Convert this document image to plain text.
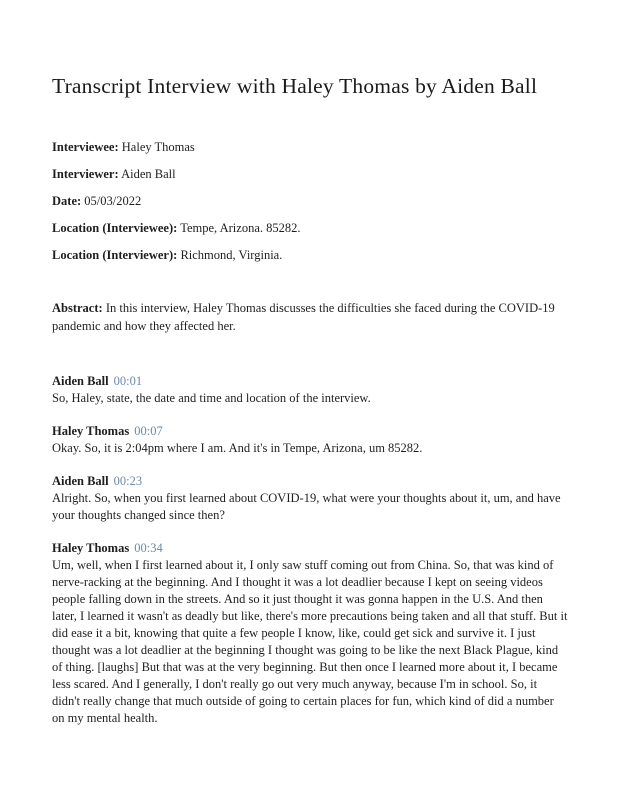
Transcript Interview with Haley Thomas by Aiden Ball

Interviewee: Haley Thomas

Interviewer: Aiden Ball

Date: 05/03/2022

Location (Interviewee): Tempe, Arizona. 85282.

Location (Interviewer): Richmond, Virginia.

Abstract: In this interview, Haley Thomas discusses the difficulties she faced during the COVID-19 pandemic and how they affected her.

Aiden Ball 00:01

So, Haley, state, the date and time and location of the interview.

Haley Thomas 00:07

Okay. So, it is 2:04pm where I am. And it's in Tempe, Arizona, um 85282.

Aiden Ball 00:23

Alright. So, when you first learned about COVID-19, what were your thoughts about it, um, and have your thoughts changed since then?

Haley Thomas 00:34

Um, well, when I first learned about it, I only saw stuff coming out from China. So, that was kind of nerve-racking at the beginning. And I thought it was a lot deadlier because I kept on seeing videos people falling down in the streets. And so it just thought it was gonna happen in the U.S. And then later, I learned it wasn't as deadly but like, there's more precautions being taken and all that stuff. But it did ease it a bit, knowing that quite a few people I know, like, could get sick and survive it. I just thought was a lot deadlier at the beginning I thought was going to be like the next Black Plague, kind of thing. [laughs] But that was at the very beginning. But then once I learned more about it, I became less scared. And I generally, I don't really go out very much anyway, because I'm in school. So, it didn't really change that much outside of going to certain places for fun, which kind of did a number on my mental health.
